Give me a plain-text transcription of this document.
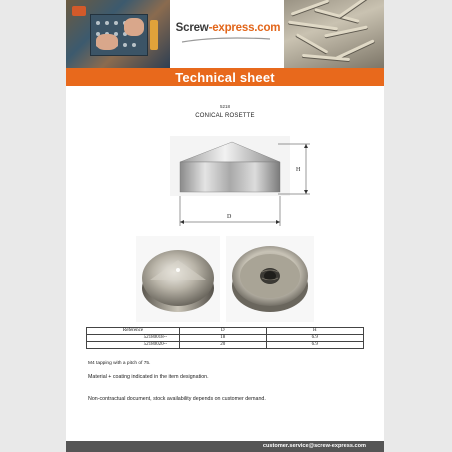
Screw-express.com
Technical sheet
5218
CONICAL ROSETTE
H
D
Reference	D	H
52180018--	18	6.9
52180020--	20	6.9
M4 tapping with a pitch of 75.
Material + coating indicated in the item designation.
Non-contractual document, stock availability depends on customer demand.
customer.service@screw-express.com
